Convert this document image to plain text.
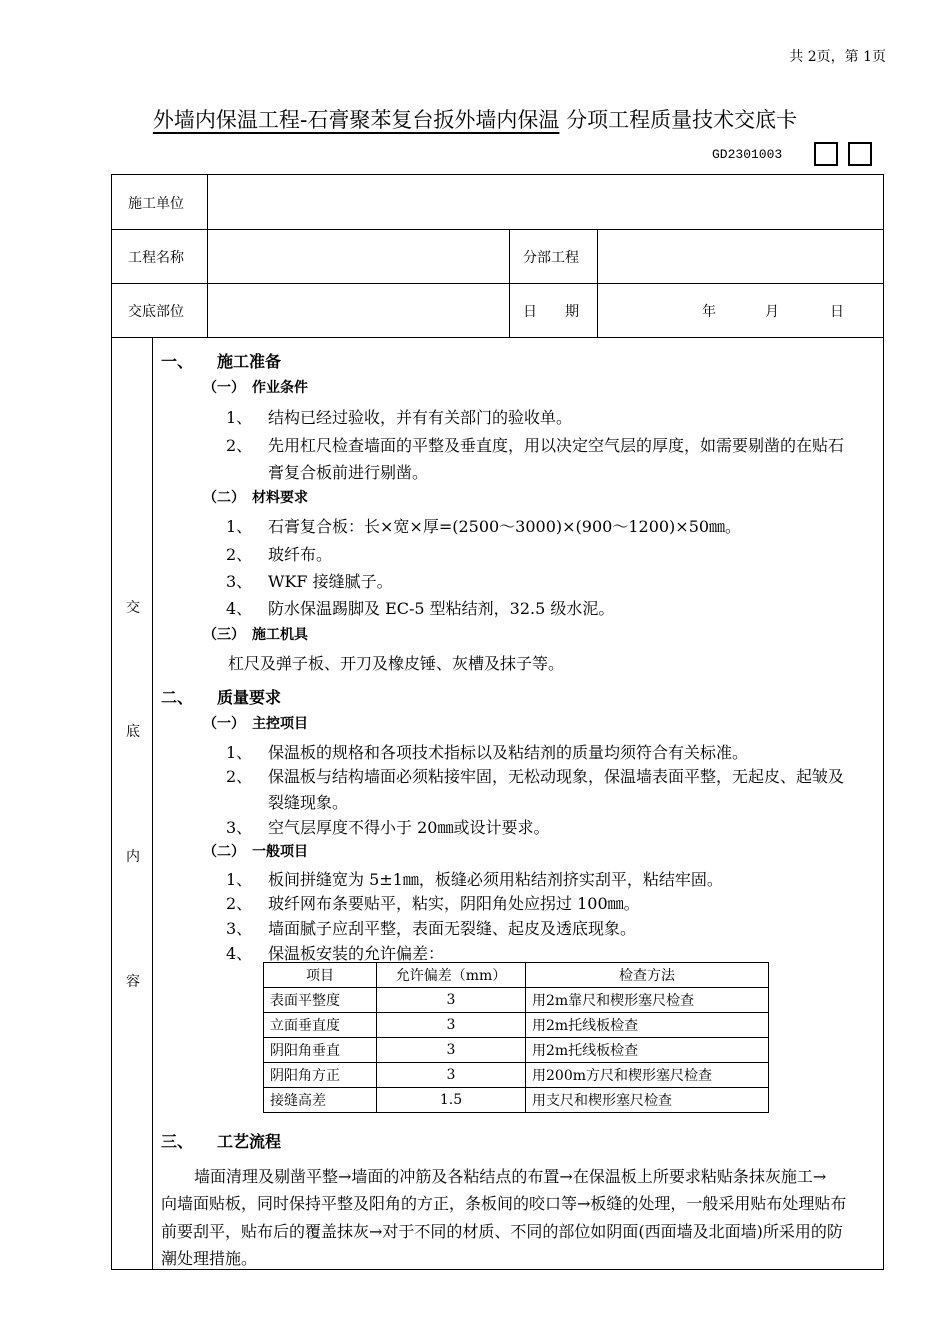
共 2页，第 1页
外墙内保温工程-石膏聚苯复台扳外墙内保温 分项工程质量技术交底卡
GD2301003
施工单位
工程名称	分部工程
交底部位	日　　期	年	月	日
交
底
内
容
一、　　施工准备
（一）　作业条件
1、 结构已经过验收，并有有关部门的验收单。
2、 先用杠尺检查墙面的平整及垂直度，用以决定空气层的厚度，如需要剔凿的在贴石
膏复合板前进行剔凿。
（二）　材料要求
1、 石膏复合板：长×宽×厚=(2500～3000)×(900～1200)×50㎜。
2、 玻纤布。
3、 WKF 接缝腻子。
4、 防水保温踢脚及 EC-5 型粘结剂，32.5 级水泥。
（三）　施工机具
杠尺及弹子板、开刀及橡皮锤、灰槽及抹子等。
二、　　质量要求
（一）　主控项目
1、 保温板的规格和各项技术指标以及粘结剂的质量均须符合有关标准。
2、 保温板与结构墙面必须粘接牢固，无松动现象，保温墙表面平整，无起皮、起皱及
裂缝现象。
3、 空气层厚度不得小于 20㎜或设计要求。
（二）　一般项目
1、 板间拼缝宽为 5±1㎜，板缝必须用粘结剂挤实刮平，粘结牢固。
2、 玻纤网布条要贴平，粘实，阴阳角处应拐过 100㎜。
3、 墙面腻子应刮平整，表面无裂缝、起皮及透底现象。
4、 保温板安装的允许偏差：
项目	允许偏差（mm）	检查方法
表面平整度	3	用2m靠尺和楔形塞尺检查
立面垂直度	3	用2m托线板检查
阴阳角垂直	3	用2m托线板检查
阴阳角方正	3	用200m方尺和楔形塞尺检查
接缝高差	1.5	用支尺和楔形塞尺检查
三、　　工艺流程
墙面清理及剔凿平整→墙面的冲筋及各粘结点的布置→在保温板上所要求粘贴条抹灰施工→
向墙面贴板，同时保持平整及阳角的方正，条板间的咬口等→板缝的处理，一般采用贴布处理贴布
前要刮平，贴布后的覆盖抹灰→对于不同的材质、不同的部位如阴面(西面墙及北面墙)所采用的防
潮处理措施。
